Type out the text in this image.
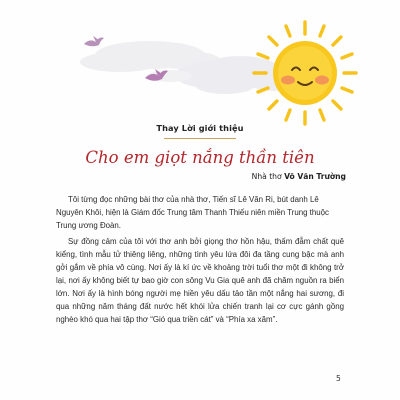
Thay Lời giới thiệu
Cho em giọt nắng thần tiên
Nhà thơ Võ Văn Trường

Tôi từng đọc những bài thơ của nhà thơ, Tiến sĩ Lê Văn Ri, bút danh Lê Nguyên Khôi, hiện là Giám đốc Trung tâm Thanh Thiếu niên miền Trung thuộc Trung ương Đoàn.

Sự đồng cảm của tôi với thơ anh bởi giọng thơ hồn hậu, thấm đẫm chất quê kiểng, tình mẫu tử thiêng liêng, những tình yêu lứa đôi đa tầng cung bậc mà anh gởi gắm về phía vô cùng. Nơi ấy là kí ức về khoảng trời tuổi thơ một đi không trở lại, nơi ấy không biết tự bao giờ con sông Vu Gia quê anh đã chăm nguồn ra biển lớn. Nơi ấy là hình bóng người mẹ hiền yêu dấu tảo tần một nắng hai sương, đi qua những năm tháng đất nước hết khói lửa chiến tranh lại cơ cực gánh gồng nghèo khó qua hai tập thơ “Gió qua triền cát” và “Phía xa xăm”.

5
